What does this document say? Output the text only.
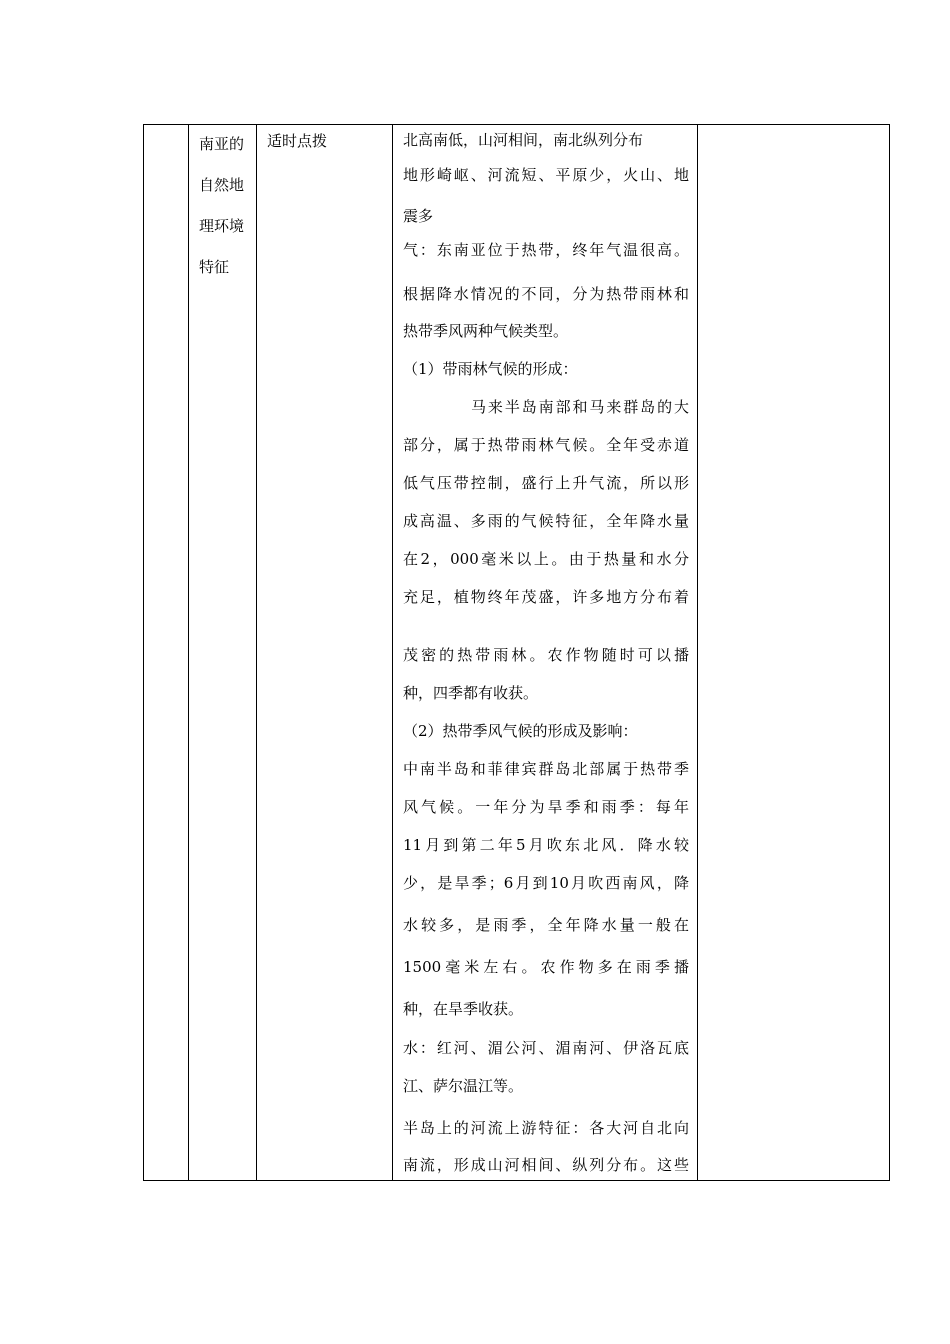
南亚的
自然地
理环境
特征
适时点拨	北高南低，山河相间，南北纵列分布
地形崎岖、河流短、平原少，火山、地
震多
气：东南亚位于热带，终年气温很高。
根据降水情况的不同，分为热带雨林和
热带季风两种气候类型。
（1）带雨林气候的形成：
马来半岛南部和马来群岛的大
部分，属于热带雨林气候。全年受赤道
低气压带控制，盛行上升气流，所以形
成高温、多雨的气候特征，全年降水量
在2，000毫米以上。由于热量和水分
充足，植物终年茂盛，许多地方分布着
茂密的热带雨林。农作物随时可以播
种，四季都有收获。
（2）热带季风气候的形成及影响：
中南半岛和菲律宾群岛北部属于热带季
风气候。一年分为旱季和雨季：每年
11月到第二年5月吹东北风．降水较
少，是旱季；6月到10月吹西南风，降
水较多，是雨季，全年降水量一般在
1500毫米左右。农作物多在雨季播
种，在旱季收获。
水：红河、湄公河、湄南河、伊洛瓦底
江、萨尔温江等。
半岛上的河流上游特征：各大河自北向
南流，形成山河相间、纵列分布。这些
